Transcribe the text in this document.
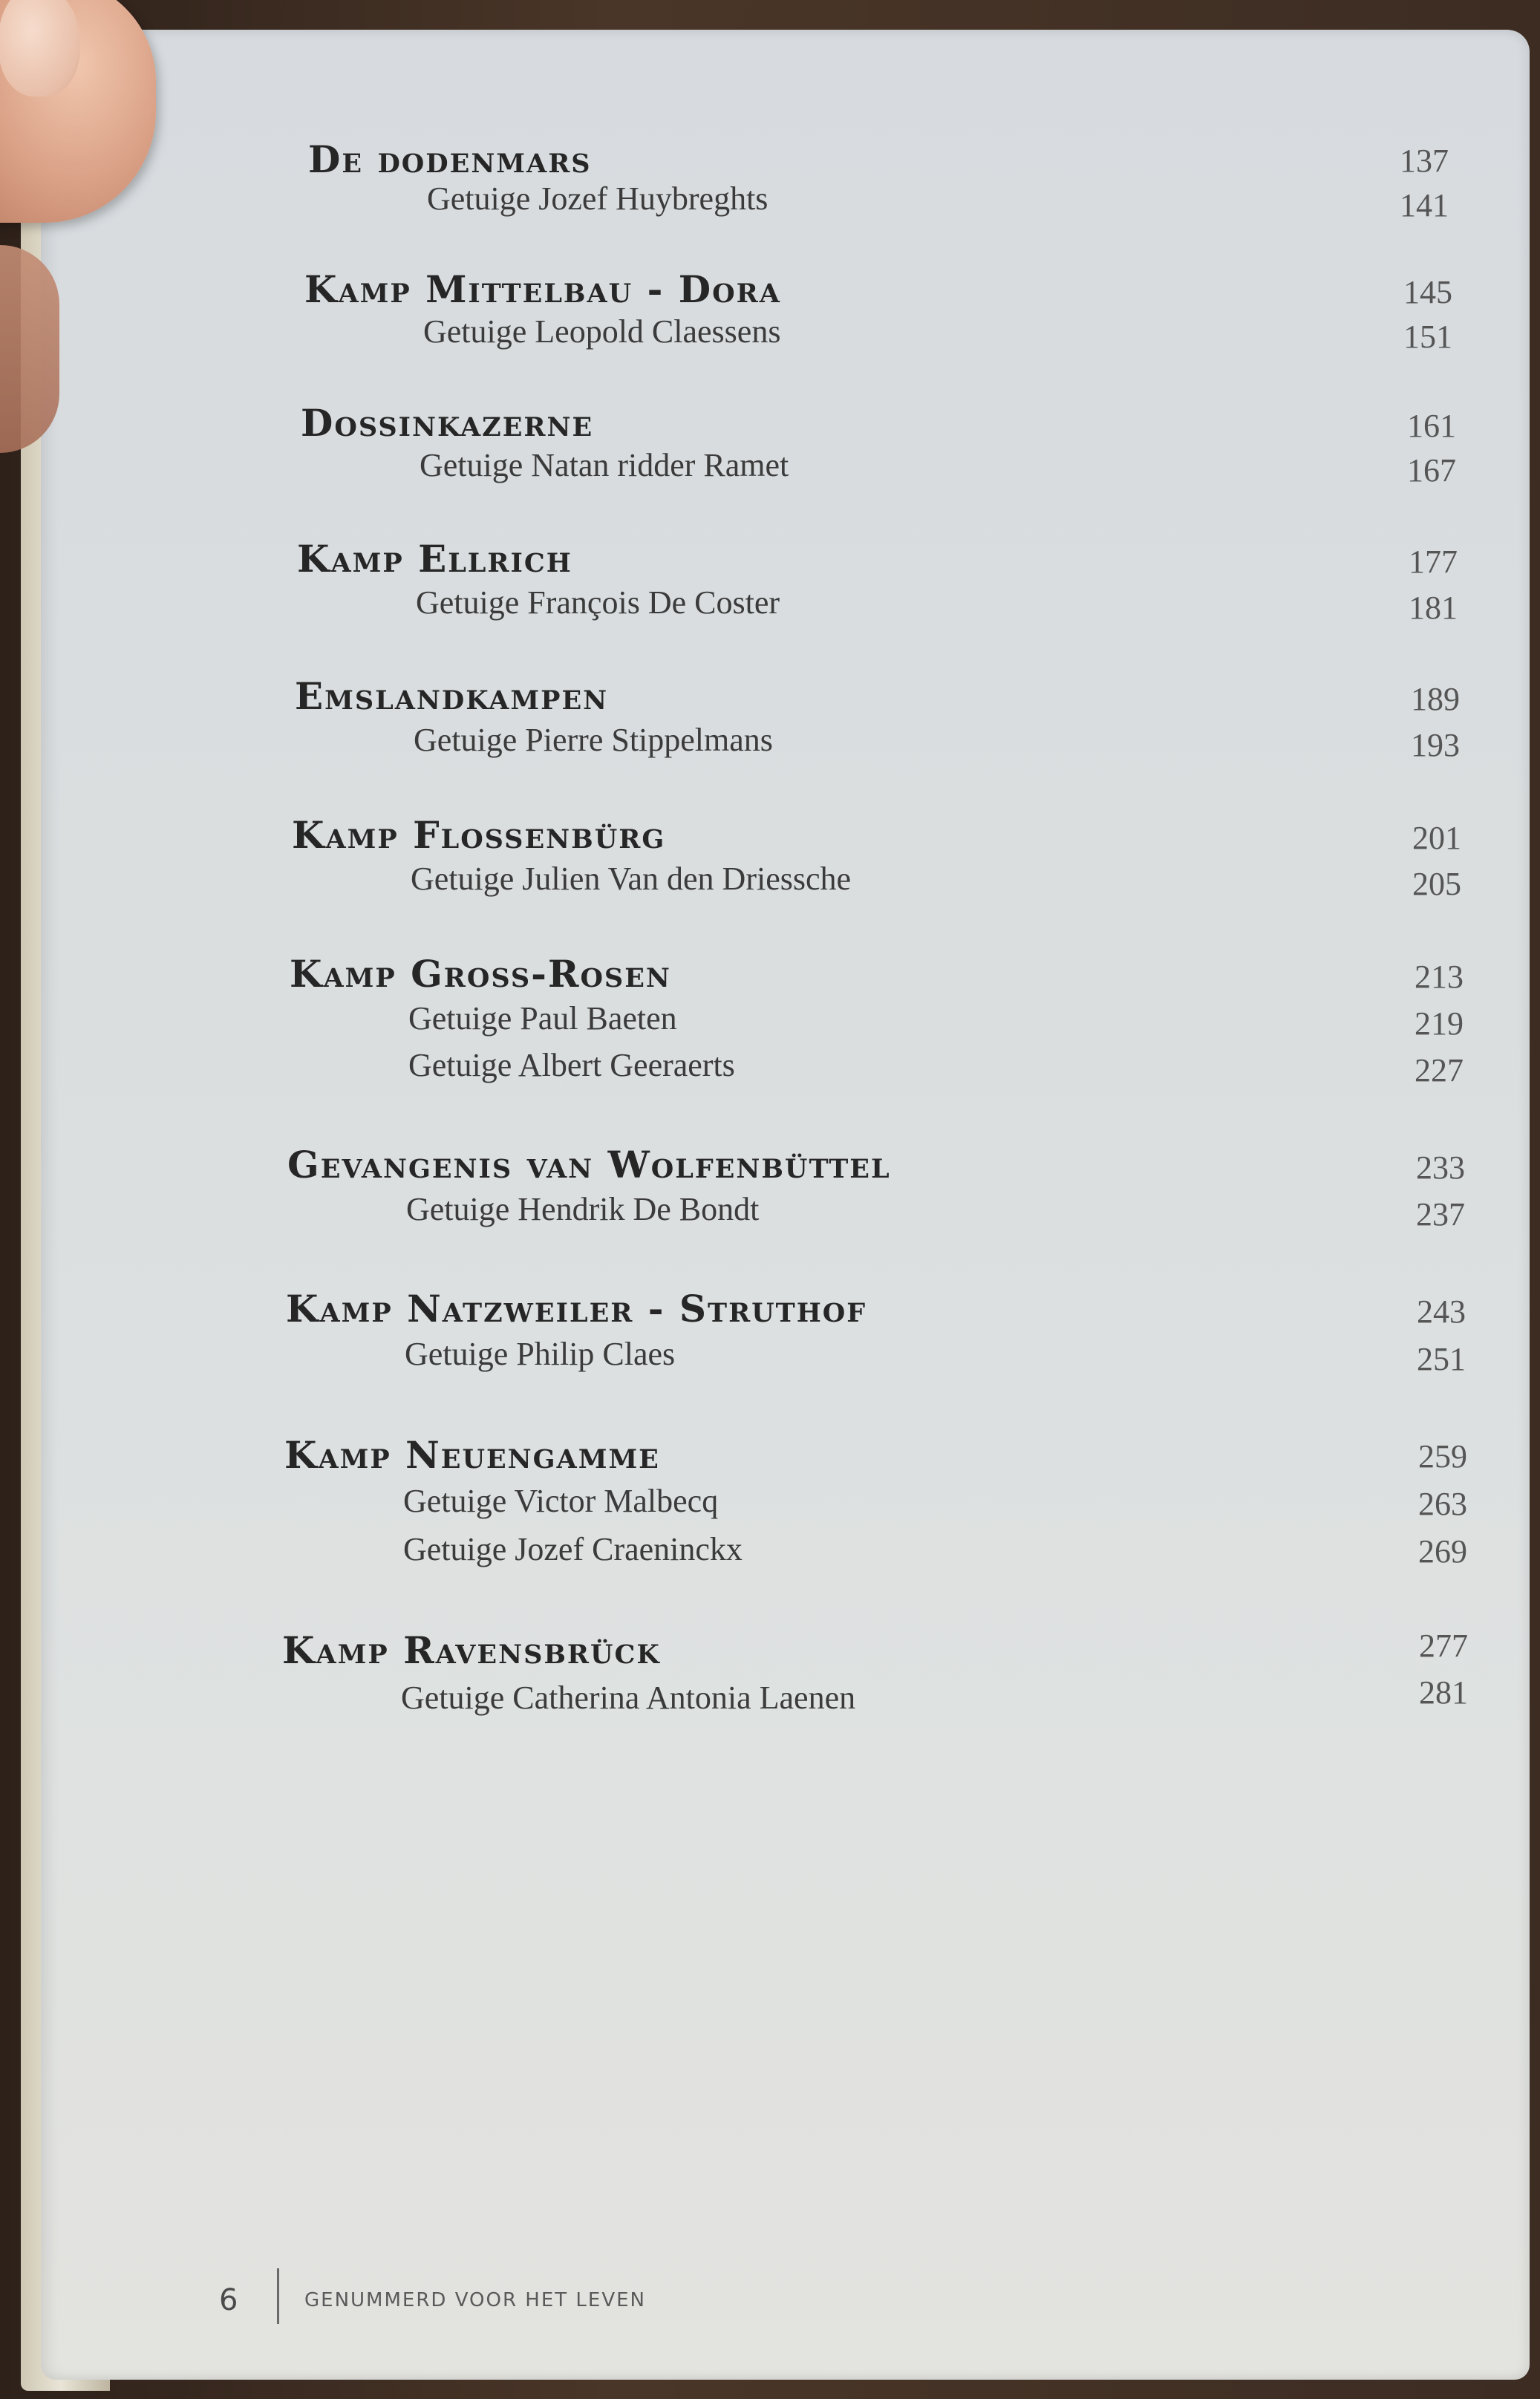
De dodenmars
Getuige Jozef Huybreghts
137
141
Kamp Mittelbau - Dora
Getuige Leopold Claessens
145
151
Dossinkazerne
Getuige Natan ridder Ramet
161
167
Kamp Ellrich
Getuige François De Coster
177
181
Emslandkampen
Getuige Pierre Stippelmans
189
193
Kamp Flossenbürg
Getuige Julien Van den Driessche
201
205
Kamp Gross-Rosen
Getuige Paul Baeten
Getuige Albert Geeraerts
213
219
227
Gevangenis van Wolfenbüttel
Getuige Hendrik De Bondt
233
237
Kamp Natzweiler - Struthof
Getuige Philip Claes
243
251
Kamp Neuengamme
Getuige Victor Malbecq
Getuige Jozef Craeninckx
259
263
269
Kamp Ravensbrück
Getuige Catherina Antonia Laenen
277
281
6	GENUMMERD VOOR HET LEVEN
